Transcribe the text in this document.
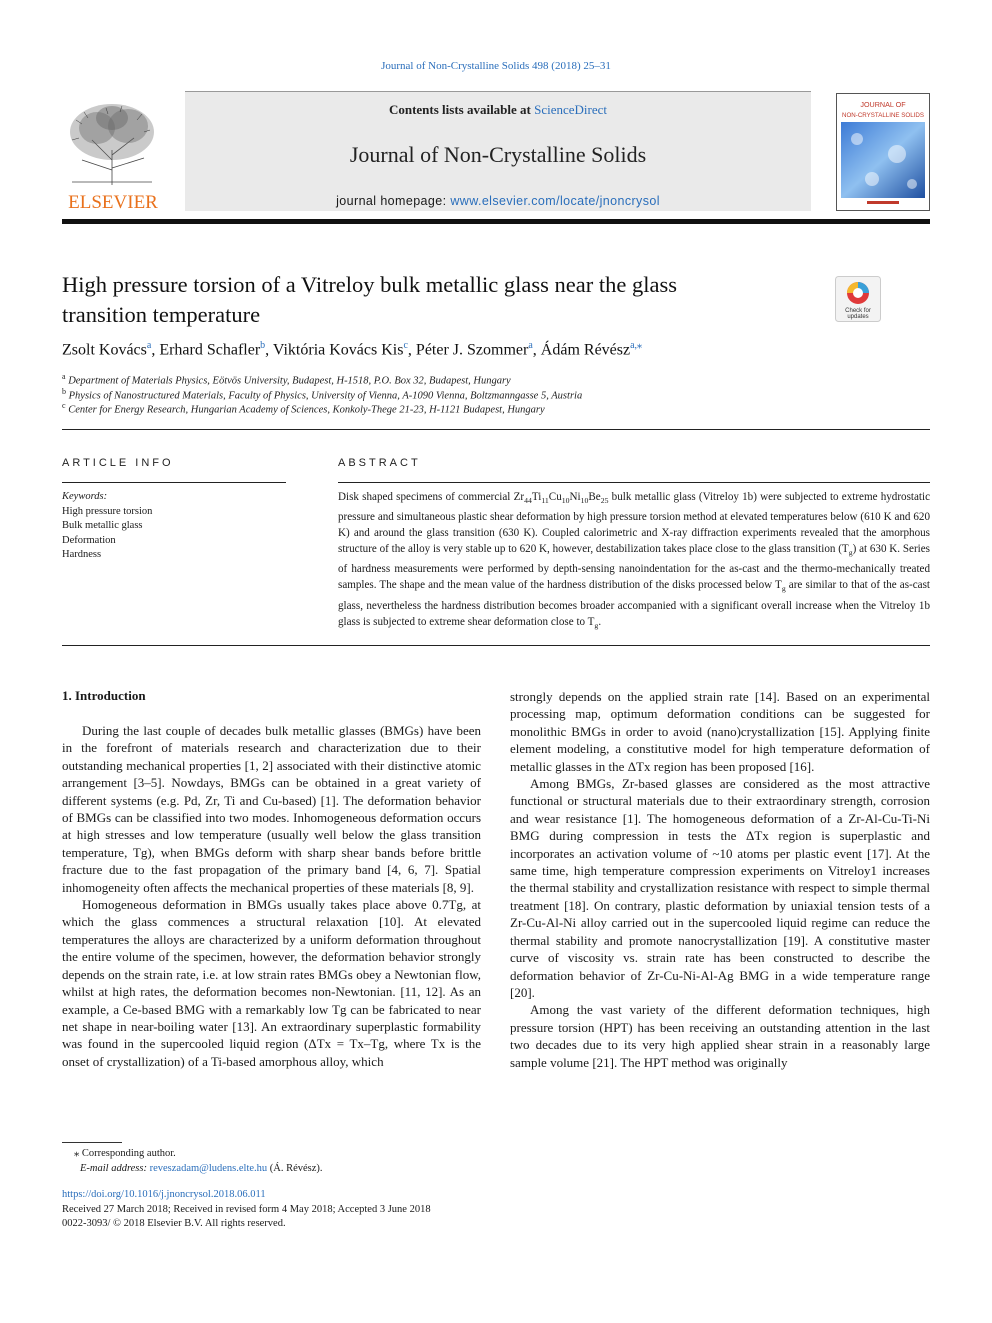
Journal of Non-Crystalline Solids 498 (2018) 25–31
ELSEVIER
Contents lists available at ScienceDirect
Journal of Non-Crystalline Solids
journal homepage: www.elsevier.com/locate/jnoncrysol
JOURNAL OF
NON-CRYSTALLINE SOLIDS
High pressure torsion of a Vitreloy bulk metallic glass near the glass
transition temperature	Check for
updates
Zsolt Kovács$^a$, Erhard Schafler$^b$, Viktória Kovács Kis$^c$, Péter J. Szommer$^a$, Ádám Révész$^{a,⁎}$
$^a$ Department of Materials Physics, Eötvös University, Budapest, H-1518, P.O. Box 32, Budapest, Hungary
$^b$ Physics of Nanostructured Materials, Faculty of Physics, University of Vienna, A-1090 Vienna, Boltzmanngasse 5, Austria
$^c$ Center for Energy Research, Hungarian Academy of Sciences, Konkoly-Thege 21-23, H-1121 Budapest, Hungary
ARTICLE INFO	ABSTRACT
Keywords:
High pressure torsion
Bulk metallic glass
Deformation
Hardness
Disk shaped specimens of commercial $Zr_{44}Ti_{11}Cu_{10}Ni_{10}Be_{25}$ bulk metallic glass (Vitreloy 1b) were subjected to extreme hydrostatic pressure and simultaneous plastic shear deformation by high pressure torsion method at elevated temperatures below (610 K and 620 K) and around the glass transition (630 K). Coupled calorimetric and X-ray diffraction experiments revealed that the amorphous structure of the alloy is very stable up to 620 K, however, destabilization takes place close to the glass transition $(T_g)$ at 630 K. Series of hardness measurements were performed by depth-sensing nanoindentation for the as-cast and the thermo-mechanically treated samples. The shape and the mean value of the hardness distribution of the disks processed below $T_g$ are similar to that of the as-cast glass, nevertheless the hardness distribution becomes broader accompanied with a significant overall increase when the Vitreloy 1b glass is subjected to extreme shear deformation close to $T_g$.
1. Introduction

During the last couple of decades bulk metallic glasses (BMGs) have been in the forefront of materials research and characterization due to their outstanding mechanical properties [1, 2] associated with their distinctive atomic arrangement [3–5]. Nowdays, BMGs can be obtained in a great variety of different systems (e.g. Pd, Zr, Ti and Cu-based) [1]. The deformation behavior of BMGs can be classified into two modes. Inhomogeneous deformation occurs at high stresses and low temperature (usually well below the glass transition temperature, Tg), when BMGs deform with sharp shear bands before brittle fracture due to the fast propagation of the primary band [4, 6, 7]. Spatial inhomogeneity often affects the mechanical properties of these materials [8, 9].

Homogeneous deformation in BMGs usually takes place above 0.7Tg, at which the glass commences a structural relaxation [10]. At elevated temperatures the alloys are characterized by a uniform deformation throughout the entire volume of the specimen, however, the deformation behavior strongly depends on the strain rate, i.e. at low strain rates BMGs obey a Newtonian flow, whilst at high rates, the deformation becomes non-Newtonian. [11, 12]. As an example, a Ce-based BMG with a remarkably low Tg can be fabricated to near net shape in near-boiling water [13]. An extraordinary superplastic formability was found in the supercooled liquid region (ΔTx = Tx–Tg, where Tx is the onset of crystallization) of a Ti-based amorphous alloy, which

strongly depends on the applied strain rate [14]. Based on an experimental processing map, optimum deformation conditions can be suggested for monolithic BMGs in order to avoid (nano)crystallization [15]. Applying finite element modeling, a constitutive model for high temperature deformation of metallic glasses in the ΔTx region has been proposed [16].

Among BMGs, Zr-based glasses are considered as the most attractive functional or structural materials due to their extraordinary strength, corrosion and wear resistance [1]. The homogeneous deformation of a Zr-Al-Cu-Ti-Ni BMG during compression in tests the ΔTx region is superplastic and incorporates an activation volume of ~10 atoms per plastic event [17]. At the same time, high temperature compression experiments on Vitreloy1 increases the thermal stability and crystallization resistance with respect to simple thermal treatment [18]. On contrary, plastic deformation by uniaxial tension tests of a Zr-Cu-Al-Ni alloy carried out in the supercooled liquid regime can reduce the thermal stability and promote nanocrystallization [19]. A constitutive master curve of viscosity vs. strain rate has been constructed to describe the deformation behavior of Zr-Cu-Ni-Al-Ag BMG in a wide temperature range [20].

Among the vast variety of the different deformation techniques, high pressure torsion (HPT) has been receiving an outstanding attention in the last two decades due to its very high applied shear strain in a reasonably large sample volume [21]. The HPT method was originally

⁎ Corresponding author.
E-mail address: reveszadam@ludens.elte.hu (Á. Révész).
https://doi.org/10.1016/j.jnoncrysol.2018.06.011
Received 27 March 2018; Received in revised form 4 May 2018; Accepted 3 June 2018
0022-3093/ © 2018 Elsevier B.V. All rights reserved.
